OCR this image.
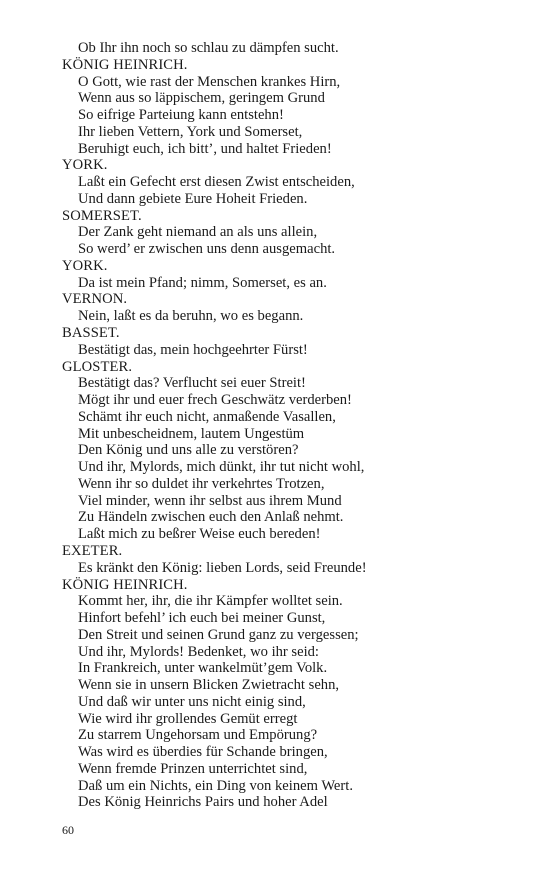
Ob Ihr ihn noch so schlau zu dämpfen sucht.
KÖNIG HEINRICH.
O Gott, wie rast der Menschen krankes Hirn,
Wenn aus so läppischem, geringem Grund
So eifrige Parteiung kann entstehn!
Ihr lieben Vettern, York und Somerset,
Beruhigt euch, ich bitt’, und haltet Frieden!
YORK.
Laßt ein Gefecht erst diesen Zwist entscheiden,
Und dann gebiete Eure Hoheit Frieden.
SOMERSET.
Der Zank geht niemand an als uns allein,
So werd’ er zwischen uns denn ausgemacht.
YORK.
Da ist mein Pfand; nimm, Somerset, es an.
VERNON.
Nein, laßt es da beruhn, wo es begann.
BASSET.
Bestätigt das, mein hochgeehrter Fürst!
GLOSTER.
Bestätigt das? Verflucht sei euer Streit!
Mögt ihr und euer frech Geschwätz verderben!
Schämt ihr euch nicht, anmaßende Vasallen,
Mit unbescheidnem, lautem Ungestüm
Den König und uns alle zu verstören?
Und ihr, Mylords, mich dünkt, ihr tut nicht wohl,
Wenn ihr so duldet ihr verkehrtes Trotzen,
Viel minder, wenn ihr selbst aus ihrem Mund
Zu Händeln zwischen euch den Anlaß nehmt.
Laßt mich zu beßrer Weise euch bereden!
EXETER.
Es kränkt den König: lieben Lords, seid Freunde!
KÖNIG HEINRICH.
Kommt her, ihr, die ihr Kämpfer wolltet sein.
Hinfort befehl’ ich euch bei meiner Gunst,
Den Streit und seinen Grund ganz zu vergessen;
Und ihr, Mylords! Bedenket, wo ihr seid:
In Frankreich, unter wankelmüt’gem Volk.
Wenn sie in unsern Blicken Zwietracht sehn,
Und daß wir unter uns nicht einig sind,
Wie wird ihr grollendes Gemüt erregt
Zu starrem Ungehorsam und Empörung?
Was wird es überdies für Schande bringen,
Wenn fremde Prinzen unterrichtet sind,
Daß um ein Nichts, ein Ding von keinem Wert.
Des König Heinrichs Pairs und hoher Adel
60
